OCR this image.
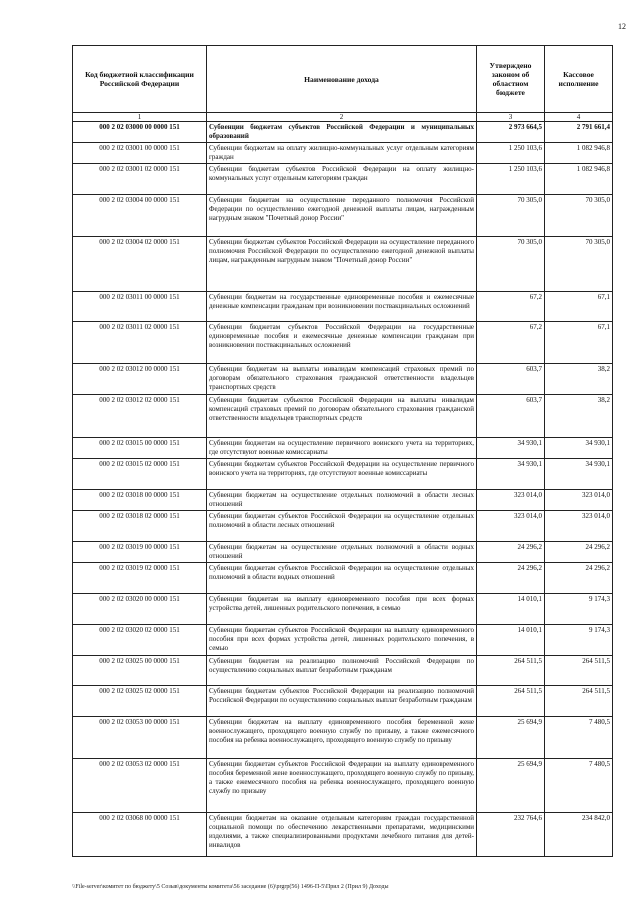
12
Код бюджетной классификации Российской Федерации	Наименование дохода	Утверждено законом об областном бюджете	Кассовое исполнение
1	2	3	4
000 2 02 03000 00 0000 151	Субвенции бюджетам субъектов Российской Федерации и муниципальных образований	2 973 664,5	2 791 661,4
000 2 02 03001 00 0000 151	Субвенции бюджетам на оплату жилищно-коммунальных услуг отдельным категориям граждан	1 250 103,6	1 082 946,8
000 2 02 03001 02 0000 151	Субвенции бюджетам субъектов Российской Федерации на оплату жилищно-коммунальных услуг отдельным категориям граждан	1 250 103,6	1 082 946,8
000 2 02 03004 00 0000 151	Субвенции бюджетам на осуществление переданного полномочия Российской Федерации по осуществлению ежегодной денежной выплаты лицам, награжденным нагрудным знаком "Почетный донор России"	70 305,0	70 305,0
000 2 02 03004 02 0000 151	Субвенции бюджетам субъектов Российской Федерации на осуществление переданного полномочия Российской Федерации по осуществлению ежегодной денежной выплаты лицам, награжденным нагрудным знаком "Почетный донор России"	70 305,0	70 305,0
000 2 02 03011 00 0000 151	Субвенции бюджетам на государственные единовременные пособия и ежемесячные денежные компенсации гражданам при возникновении поствакцинальных осложнений	67,2	67,1
000 2 02 03011 02 0000 151	Субвенции бюджетам субъектов Российской Федерации на государственные единовременные пособия и ежемесячные денежные компенсации гражданам при возникновении поствакцинальных осложнений	67,2	67,1
000 2 02 03012 00 0000 151	Субвенции бюджетам на выплаты инвалидам компенсаций страховых премий по договорам обязательного страхования гражданской ответственности владельцев транспортных средств	603,7	38,2
000 2 02 03012 02 0000 151	Субвенции бюджетам субъектов Российской Федерации на выплаты инвалидам компенсаций страховых премий по договорам обязательного страхования гражданской ответственности владельцев транспортных средств	603,7	38,2
000 2 02 03015 00 0000 151	Субвенции бюджетам на осуществление первичного воинского учета на территориях, где отсутствуют военные комиссариаты	34 930,1	34 930,1
000 2 02 03015 02 0000 151	Субвенции бюджетам субъектов Российской Федерации на осуществление первичного воинского учета на территориях, где отсутствуют военные комиссариаты	34 930,1	34 930,1
000 2 02 03018 00 0000 151	Субвенции бюджетам на осуществление отдельных полномочий в области лесных отношений	323 014,0	323 014,0
000 2 02 03018 02 0000 151	Субвенции бюджетам субъектов Российской Федерации на осуществление отдельных полномочий в области лесных отношений	323 014,0	323 014,0
000 2 02 03019 00 0000 151	Субвенции бюджетам на осуществление отдельных полномочий в области водных отношений	24 296,2	24 296,2
000 2 02 03019 02 0000 151	Субвенции бюджетам субъектов Российской Федерации на осуществление отдельных полномочий в области водных отношений	24 296,2	24 296,2
000 2 02 03020 00 0000 151	Субвенции бюджетам на выплату единовременного пособия при всех формах устройства детей, лишенных родительского попечения, в семью	14 010,1	9 174,3
000 2 02 03020 02 0000 151	Субвенции бюджетам субъектов Российской Федерации на выплату единовременного пособия при всех формах устройства детей, лишенных родительского попечения, в семью	14 010,1	9 174,3
000 2 02 03025 00 0000 151	Субвенции бюджетам на реализацию полномочий Российской Федерации по осуществлению социальных выплат безработным гражданам	264 511,5	264 511,5
000 2 02 03025 02 0000 151	Субвенции бюджетам субъектов Российской Федерации на реализацию полномочий Российской Федерации по осуществлению социальных выплат безработным гражданам	264 511,5	264 511,5
000 2 02 03053 00 0000 151	Субвенции бюджетам на выплату единовременного пособия беременной жене военнослужащего, проходящего военную службу по призыву, а также ежемесячного пособия на ребенка военнослужащего, проходящего военную службу по призыву	25 694,9	7 480,5
000 2 02 03053 02 0000 151	Субвенции бюджетам субъектов Российской Федерации на выплату единовременного пособия беременной жене военнослужащего, проходящего военную службу по призыву, а также ежемесячного пособия на ребенка военнослужащего, проходящего военную службу по призыву	25 694,9	7 480,5
000 2 02 03068 00 0000 151	Субвенции бюджетам на оказание отдельным категориям граждан государственной социальной помощи по обеспечению лекарственными препаратами, медицинскими изделиями, а также специализированными продуктами лечебного питания для детей-инвалидов	232 764,6	234 842,0
\\File-server\комитет по бюджету\5 Созыв\документы комитета\56 заседание (6)\prgrp(56) 1496-П-5\Прил 2 (Прил 9) Доходы
